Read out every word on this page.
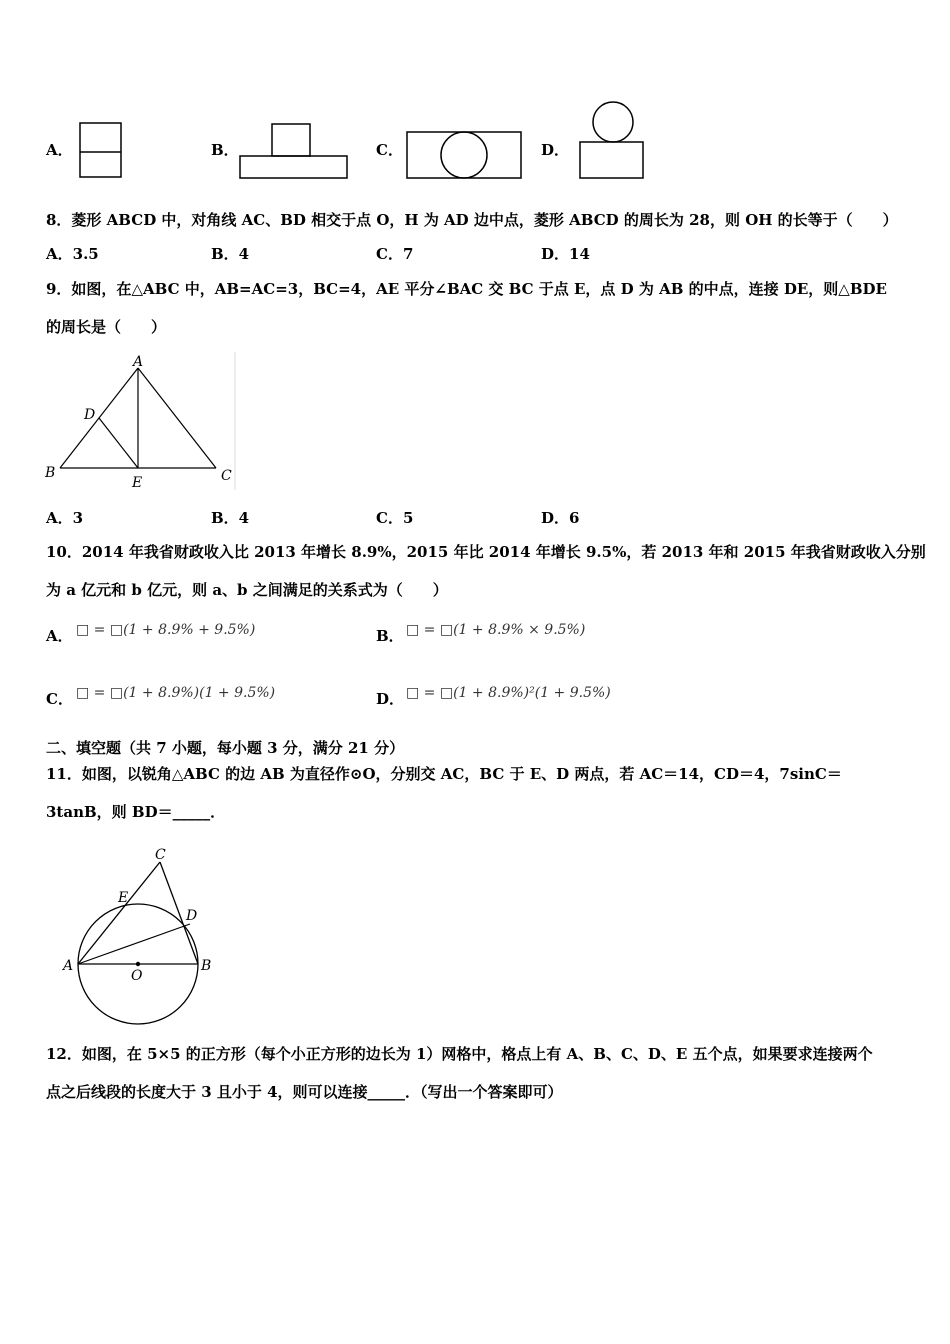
A．	B．	C．	D．
8．菱形 ABCD 中，对角线 AC、BD 相交于点 O，H 为 AD 边中点，菱形 ABCD 的周长为 28，则 OH 的长等于（　　）
A．3.5	B．4	C．7	D．14
9．如图，在△ABC 中，AB=AC=3，BC=4，AE 平分∠BAC 交 BC 于点 E，点 D 为 AB 的中点，连接 DE，则△BDE
的周长是（　　）
A
D
B
E	C
A．3	B．4	C．5	D．6
10．2014 年我省财政收入比 2013 年增长 8.9%，2015 年比 2014 年增长 9.5%，若 2013 年和 2015 年我省财政收入分别
为 a 亿元和 b 亿元，则 a、b 之间满足的关系式为（　　）
A． □ = □(1 + 8.9% + 9.5%)	B． □ = □(1 + 8.9% × 9.5%)
C． □ = □(1 + 8.9%)(1 + 9.5%)	D． □ = □(1 + 8.9%)²(1 + 9.5%)
二、填空题（共 7 小题，每小题 3 分，满分 21 分）
11．如图，以锐角△ABC 的边 AB 为直径作⊙O，分别交 AC，BC 于 E、D 两点，若 AC＝14，CD＝4，7sinC＝
3tanB，则 BD＝_____．
C
E
D
A
O
B
12．如图，在 5×5 的正方形（每个小正方形的边长为 1）网格中，格点上有 A、B、C、D、E 五个点，如果要求连接两个
点之后线段的长度大于 3 且小于 4，则可以连接_____．（写出一个答案即可）
